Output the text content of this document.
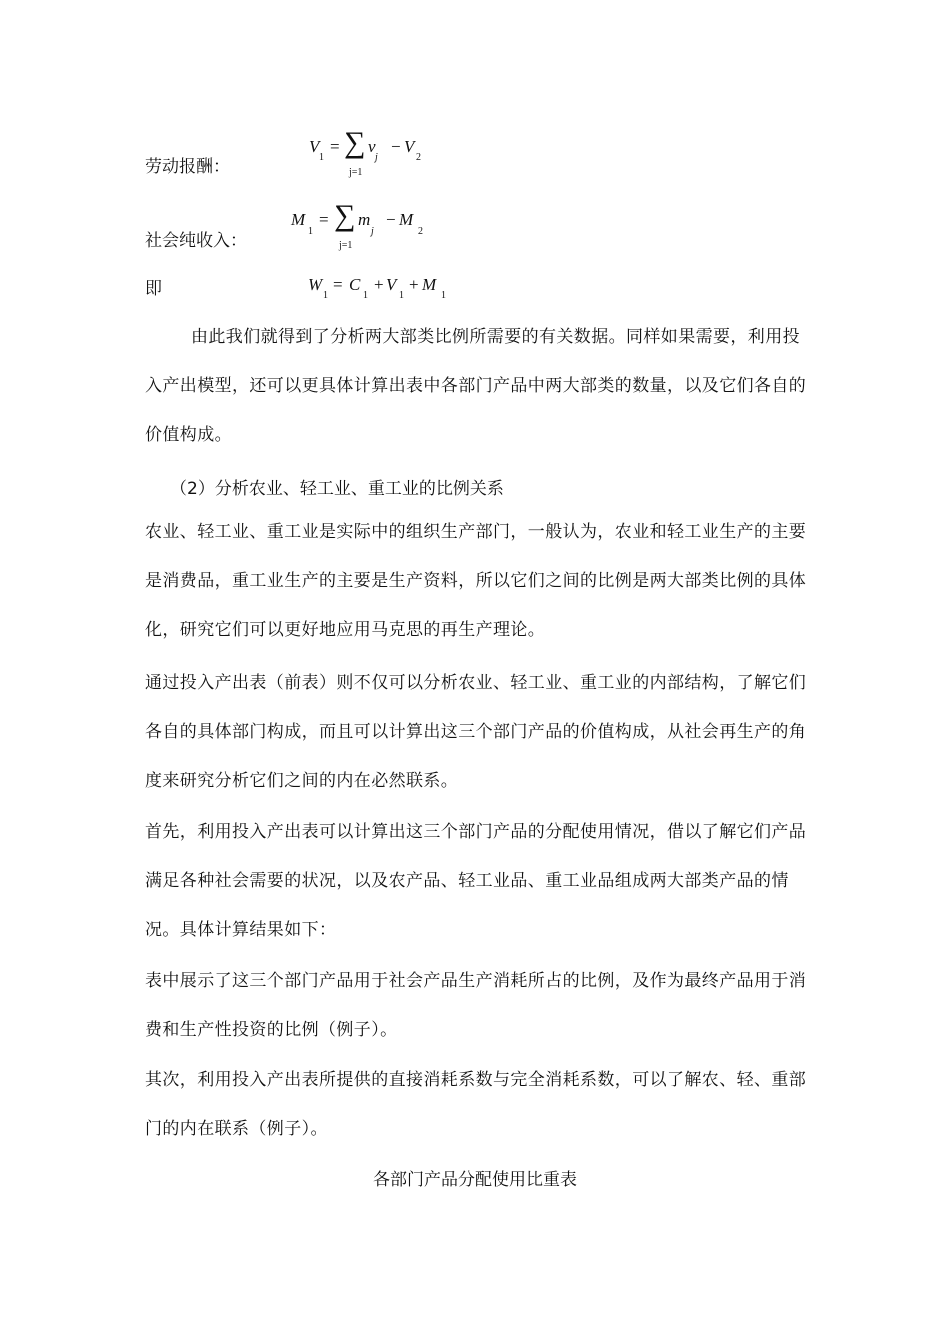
劳动报酬：
V
1
= ∑ v
j
j=1
− V
2
社会纯收入：
M
1
= ∑ m
j
j=1
− M
2
即	W
1
= C
1
+ V
1
+ M
1

由此我们就得到了分析两大部类比例所需要的有关数据。同样如果需要，利用投入产出模型，还可以更具体计算出表中各部门产品中两大部类的数量，以及它们各自的价值构成。

（2）分析农业、轻工业、重工业的比例关系

农业、轻工业、重工业是实际中的组织生产部门，一般认为，农业和轻工业生产的主要是消费品，重工业生产的主要是生产资料，所以它们之间的比例是两大部类比例的具体化，研究它们可以更好地应用马克思的再生产理论。

通过投入产出表（前表）则不仅可以分析农业、轻工业、重工业的内部结构，了解它们各自的具体部门构成，而且可以计算出这三个部门产品的价值构成，从社会再生产的角度来研究分析它们之间的内在必然联系。

首先，利用投入产出表可以计算出这三个部门产品的分配使用情况，借以了解它们产品满足各种社会需要的状况，以及农产品、轻工业品、重工业品组成两大部类产品的情况。具体计算结果如下：

表中展示了这三个部门产品用于社会产品生产消耗所占的比例，及作为最终产品用于消费和生产性投资的比例（例子）。

其次，利用投入产出表所提供的直接消耗系数与完全消耗系数，可以了解农、轻、重部门的内在联系（例子）。

各部门产品分配使用比重表
